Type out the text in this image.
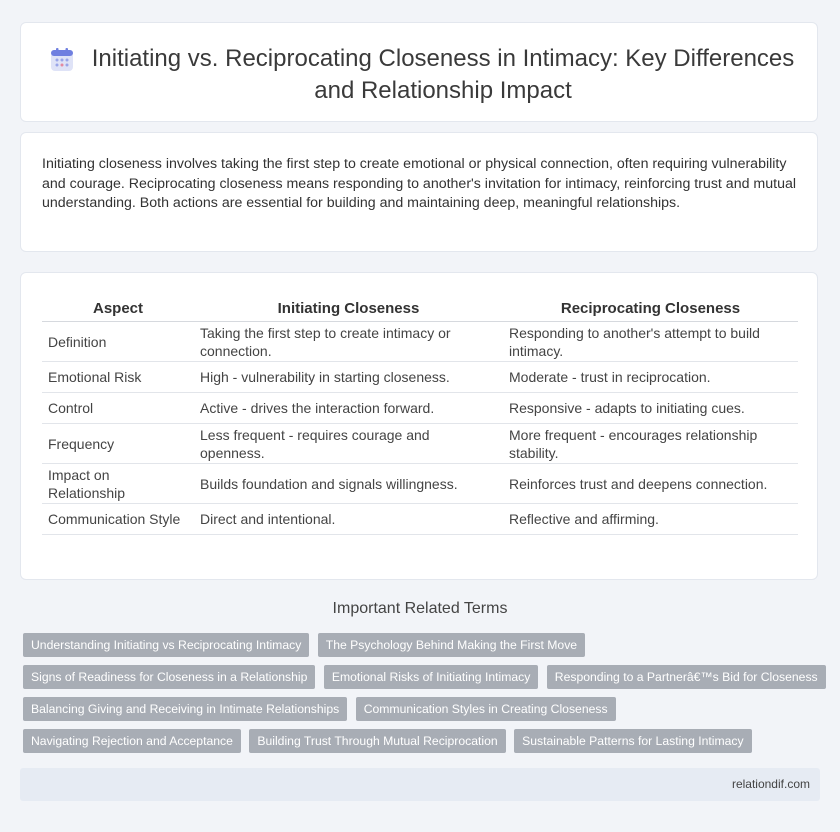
Initiating vs. Reciprocating Closeness in Intimacy: Key Differences and Relationship Impact

Initiating closeness involves taking the first step to create emotional or physical connection, often requiring vulnerability and courage. Reciprocating closeness means responding to another's invitation for intimacy, reinforcing trust and mutual understanding. Both actions are essential for building and maintaining deep, meaningful relationships.

Aspect	Initiating Closeness	Reciprocating Closeness
Definition	Taking the first step to create intimacy or connection.	Responding to another's attempt to build intimacy.
Emotional Risk	High - vulnerability in starting closeness.	Moderate - trust in reciprocation.
Control	Active - drives the interaction forward.	Responsive - adapts to initiating cues.
Frequency	Less frequent - requires courage and openness.	More frequent - encourages relationship stability.
Impact on Relationship	Builds foundation and signals willingness.	Reinforces trust and deepens connection.
Communication Style	Direct and intentional.	Reflective and affirming.
Important Related Terms
Understanding Initiating vs Reciprocating Intimacy The Psychology Behind Making the First Move
Signs of Readiness for Closeness in a Relationship Emotional Risks of Initiating Intimacy Responding to a Partnerâ€™s Bid for Closeness
Balancing Giving and Receiving in Intimate Relationships Communication Styles in Creating Closeness
Navigating Rejection and Acceptance Building Trust Through Mutual Reciprocation Sustainable Patterns for Lasting Intimacy
relationdif.com
